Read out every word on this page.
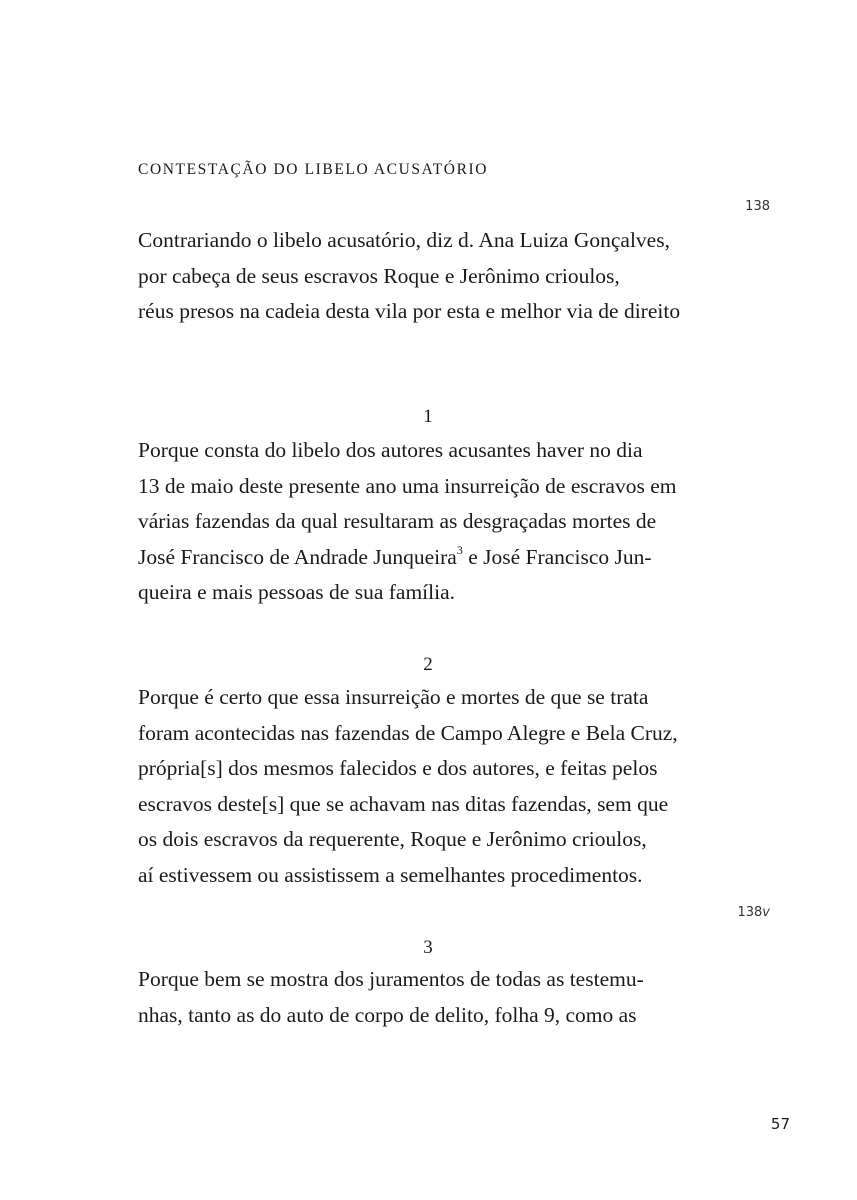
CONTESTAÇÃO DO LIBELO ACUSATÓRIO
138
Contrariando o libelo acusatório, diz d. Ana Luiza Gonçalves,
por cabeça de seus escravos Roque e Jerônimo crioulos,
réus presos na cadeia desta vila por esta e melhor via de direito
1
Porque consta do libelo dos autores acusantes haver no dia
13 de maio deste presente ano uma insurreição de escravos em
várias fazendas da qual resultaram as desgraçadas mortes de
José Francisco de Andrade Junqueira$^3$ e José Francisco Jun-
queira e mais pessoas de sua família.
2
Porque é certo que essa insurreição e mortes de que se trata
foram acontecidas nas fazendas de Campo Alegre e Bela Cruz,
própria[s] dos mesmos falecidos e dos autores, e feitas pelos
escravos deste[s] que se achavam nas ditas fazendas, sem que
os dois escravos da requerente, Roque e Jerônimo crioulos,
aí estivessem ou assistissem a semelhantes procedimentos.
138v
3
Porque bem se mostra dos juramentos de todas as testemu-
nhas, tanto as do auto de corpo de delito, folha 9, como as
57
